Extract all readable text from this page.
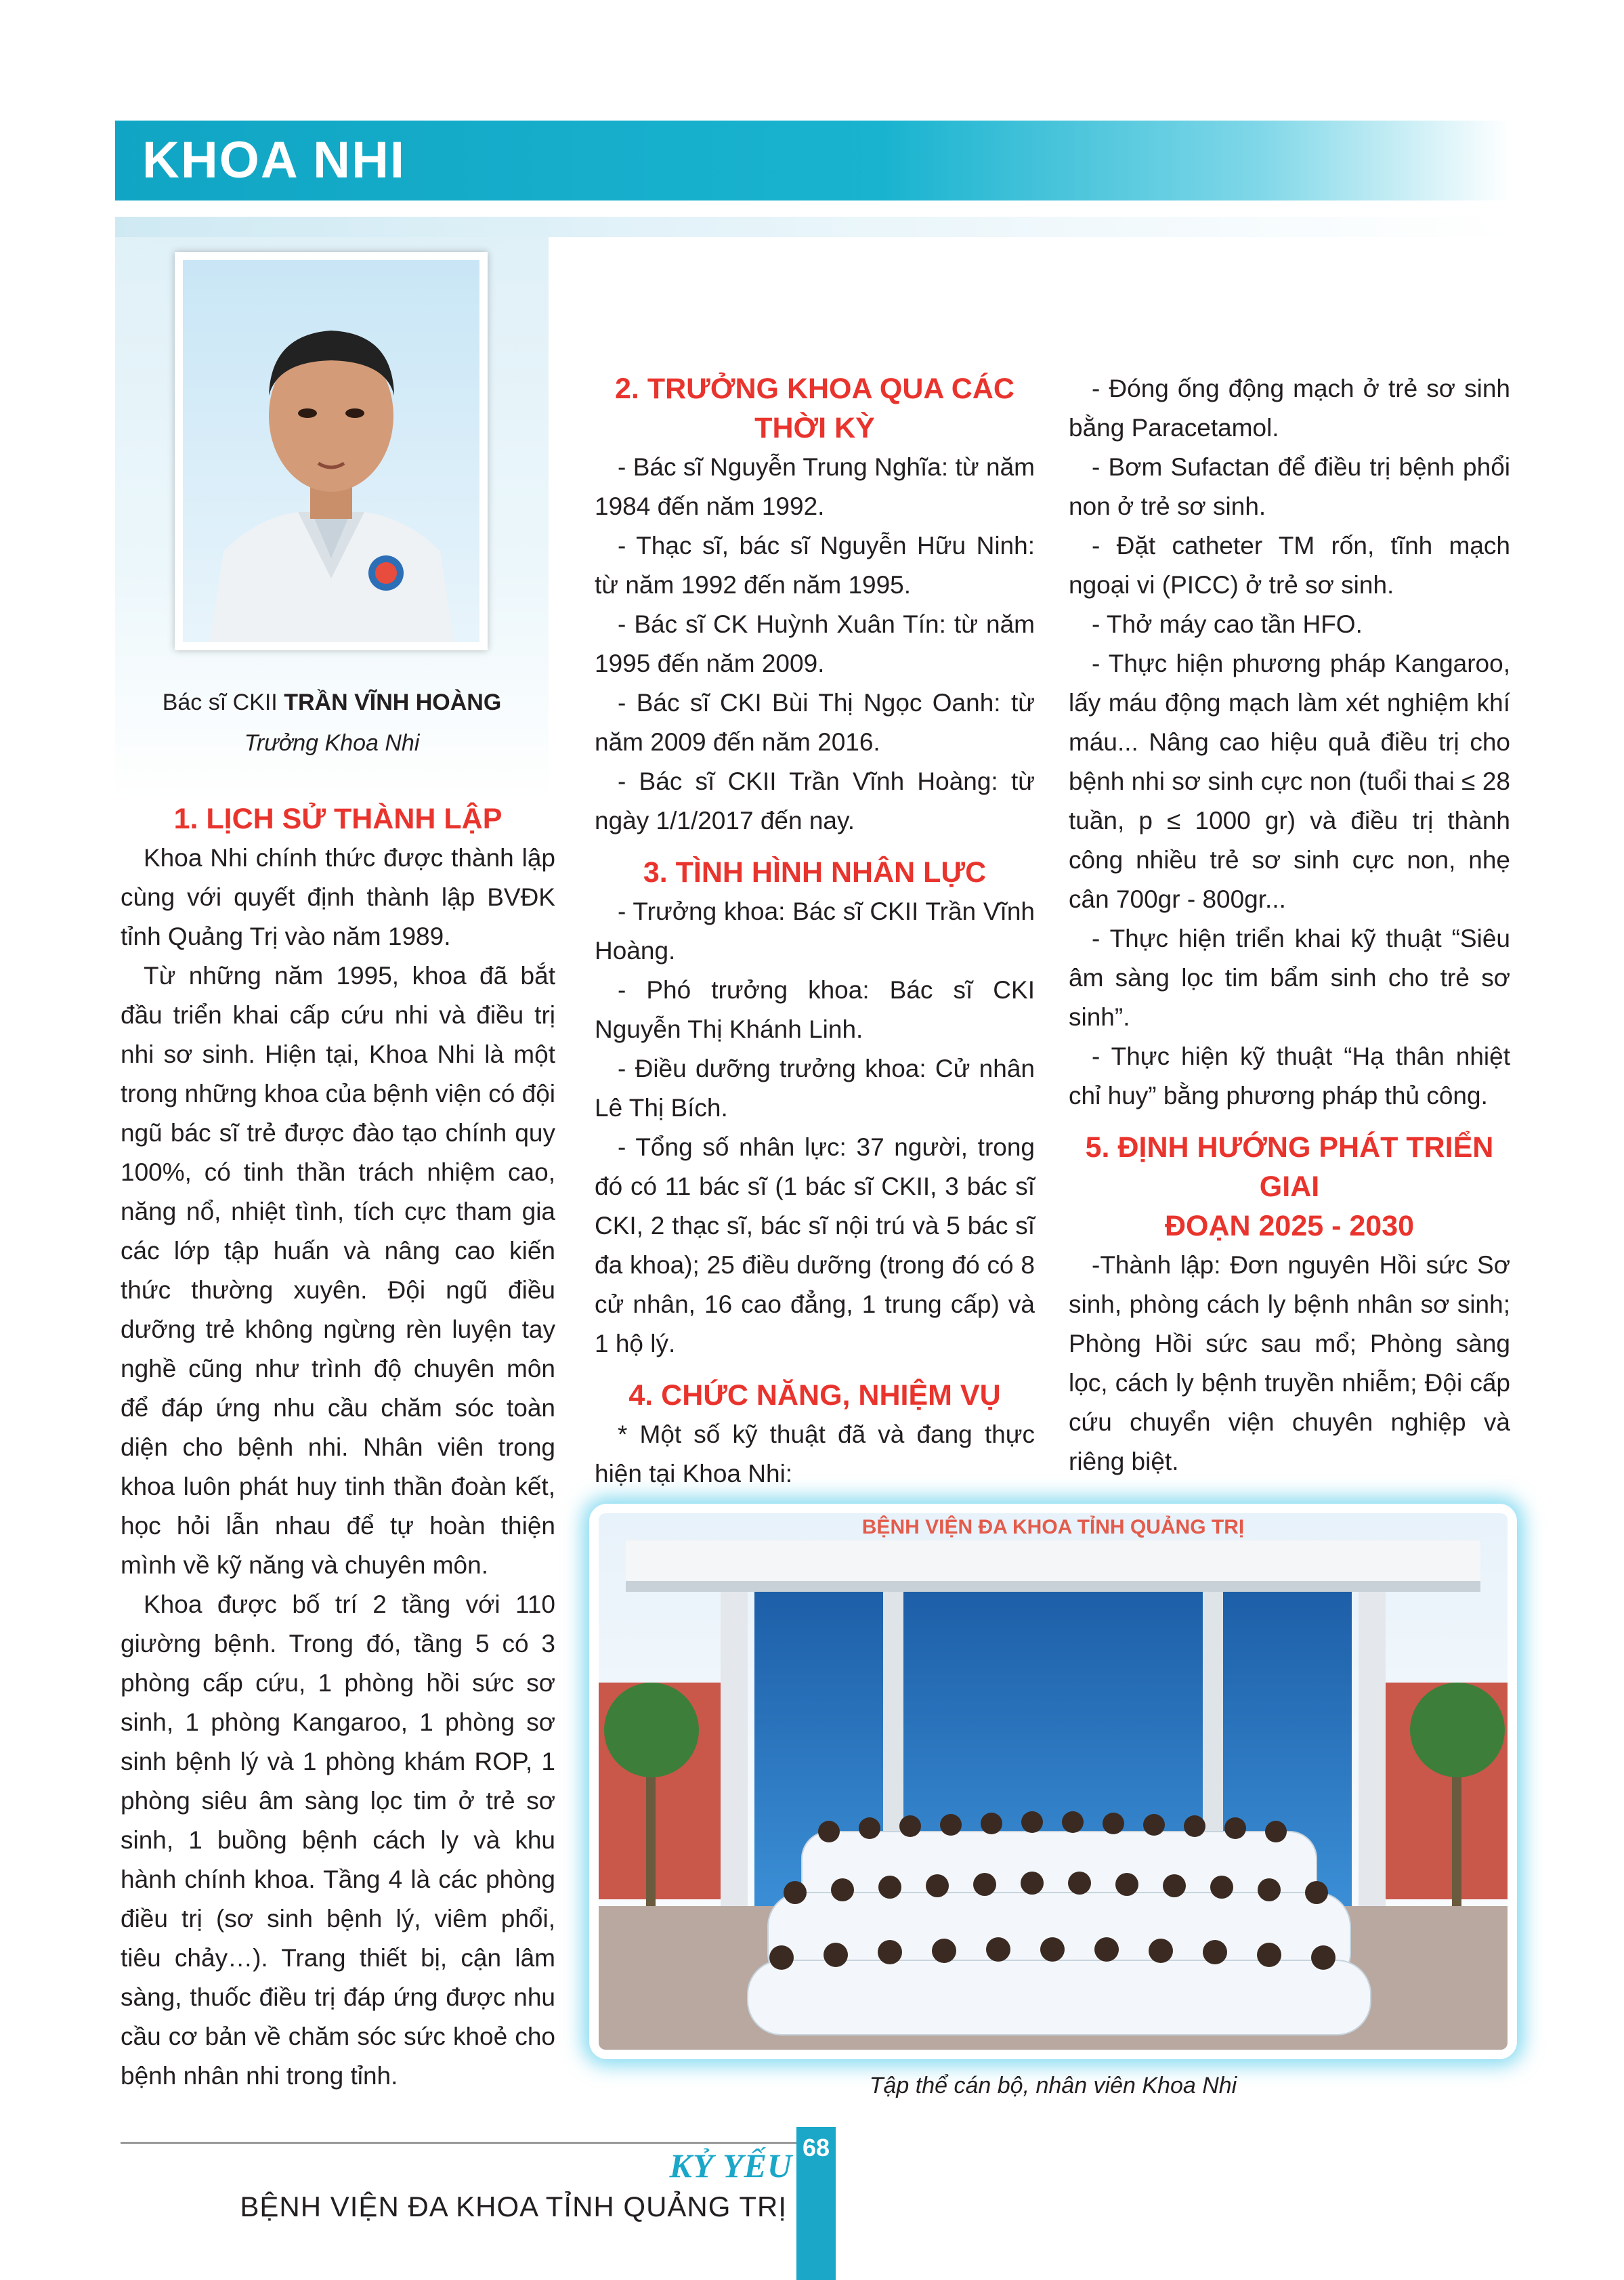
KHOA NHI
Bác sĩ CKII TRẦN VĨNH HOÀNG
Trưởng Khoa Nhi
1. LỊCH SỬ THÀNH LẬP

Khoa Nhi chính thức được thành lập cùng với quyết định thành lập BVĐK tỉnh Quảng Trị vào năm 1989.

Từ những năm 1995, khoa đã bắt đầu triển khai cấp cứu nhi và điều trị nhi sơ sinh. Hiện tại, Khoa Nhi là một trong những khoa của bệnh viện có đội ngũ bác sĩ trẻ được đào tạo chính quy 100%, có tinh thần trách nhiệm cao, năng nổ, nhiệt tình, tích cực tham gia các lớp tập huấn và nâng cao kiến thức thường xuyên. Đội ngũ điều dưỡng trẻ không ngừng rèn luyện tay nghề cũng như trình độ chuyên môn để đáp ứng nhu cầu chăm sóc toàn diện cho bệnh nhi. Nhân viên trong khoa luôn phát huy tinh thần đoàn kết, học hỏi lẫn nhau để tự hoàn thiện mình về kỹ năng và chuyên môn.

Khoa được bố trí 2 tầng với 110 giường bệnh. Trong đó, tầng 5 có 3 phòng cấp cứu, 1 phòng hồi sức sơ sinh, 1 phòng Kangaroo, 1 phòng sơ sinh bệnh lý và 1 phòng khám ROP, 1 phòng siêu âm sàng lọc tim ở trẻ sơ sinh, 1 buồng bệnh cách ly và khu hành chính khoa. Tầng 4 là các phòng điều trị (sơ sinh bệnh lý, viêm phổi, tiêu chảy…). Trang thiết bị, cận lâm sàng, thuốc điều trị đáp ứng được nhu cầu cơ bản về chăm sóc sức khoẻ cho bệnh nhân nhi trong tỉnh.

2. TRƯỞNG KHOA QUA CÁC THỜI KỲ

- Bác sĩ Nguyễn Trung Nghĩa: từ năm 1984 đến năm 1992.

- Thạc sĩ, bác sĩ Nguyễn Hữu Ninh: từ năm 1992 đến năm 1995.

- Bác sĩ CK Huỳnh Xuân Tín: từ năm 1995 đến năm 2009.

- Bác sĩ CKI Bùi Thị Ngọc Oanh: từ năm 2009 đến năm 2016.

- Bác sĩ CKII Trần Vĩnh Hoàng: từ ngày 1/1/2017 đến nay.

3. TÌNH HÌNH NHÂN LỰC

- Trưởng khoa: Bác sĩ CKII Trần Vĩnh Hoàng.

- Phó trưởng khoa: Bác sĩ CKI Nguyễn Thị Khánh Linh.

- Điều dưỡng trưởng khoa: Cử nhân Lê Thị Bích.

- Tổng số nhân lực: 37 người, trong đó có 11 bác sĩ (1 bác sĩ CKII, 3 bác sĩ CKI, 2 thạc sĩ, bác sĩ nội trú và 5 bác sĩ đa khoa); 25 điều dưỡng (trong đó có 8 cử nhân, 16 cao đẳng, 1 trung cấp) và 1 hộ lý.

4. CHỨC NĂNG, NHIỆM VỤ

* Một số kỹ thuật đã và đang thực hiện tại Khoa Nhi:

- Đóng ống động mạch ở trẻ sơ sinh bằng Paracetamol.

- Bơm Sufactan để điều trị bệnh phổi non ở trẻ sơ sinh.

- Đặt catheter TM rốn, tĩnh mạch ngoại vi (PICC) ở trẻ sơ sinh.

- Thở máy cao tần HFO.

- Thực hiện phương pháp Kangaroo, lấy máu động mạch làm xét nghiệm khí máu... Nâng cao hiệu quả điều trị cho bệnh nhi sơ sinh cực non (tuổi thai ≤ 28 tuần, p ≤ 1000 gr) và điều trị thành công nhiều trẻ sơ sinh cực non, nhẹ cân 700gr - 800gr...

- Thực hiện triển khai kỹ thuật “Siêu âm sàng lọc tim bẩm sinh cho trẻ sơ sinh”.

- Thực hiện kỹ thuật “Hạ thân nhiệt chỉ huy” bằng phương pháp thủ công.

5. ĐỊNH HƯỚNG PHÁT TRIỂN GIAI
ĐOẠN 2025 - 2030

-Thành lập: Đơn nguyên Hồi sức Sơ sinh, phòng cách ly bệnh nhân sơ sinh; Phòng Hồi sức sau mổ; Phòng sàng lọc, cách ly bệnh truyền nhiễm; Đội cấp cứu chuyển viện chuyên nghiệp và riêng biệt.

BỆNH VIỆN ĐA KHOA TỈNH QUẢNG TRỊ
Tập thể cán bộ, nhân viên Khoa Nhi
KỶ YẾU
BỆNH VIỆN ĐA KHOA TỈNH QUẢNG TRỊ
68
